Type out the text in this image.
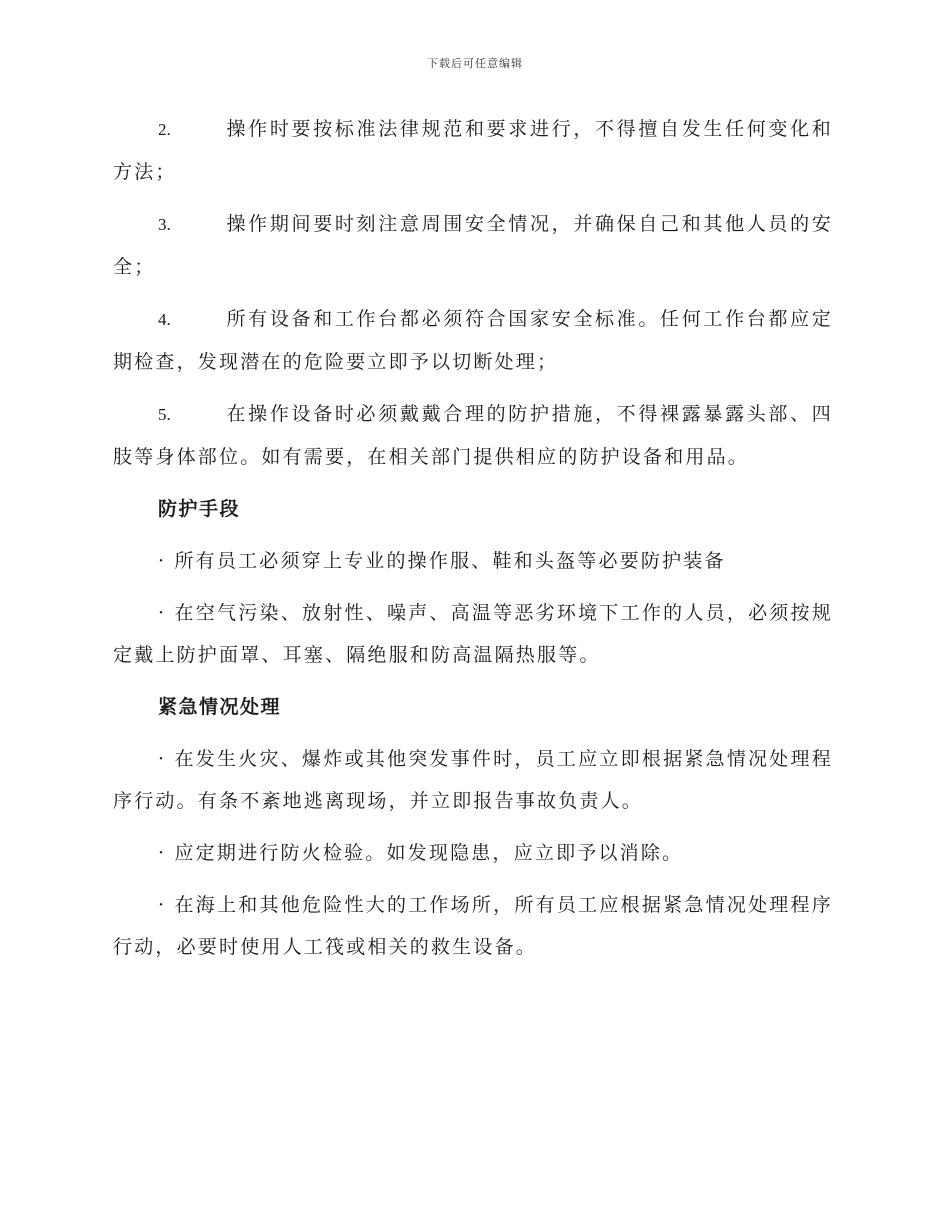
下载后可任意编辑

2.	操作时要按标准法律规范和要求进行，不得擅自发生任何变化和方法；

3.	操作期间要时刻注意周围安全情况，并确保自己和其他人员的安全；

4.	所有设备和工作台都必须符合国家安全标准。任何工作台都应定期检查，发现潜在的危险要立即予以切断处理；

5.	在操作设备时必须戴戴合理的防护措施，不得裸露暴露头部、四肢等身体部位。如有需要，在相关部门提供相应的防护设备和用品。

防护手段

· 所有员工必须穿上专业的操作服、鞋和头盔等必要防护装备

· 在空气污染、放射性、噪声、高温等恶劣环境下工作的人员，必须按规定戴上防护面罩、耳塞、隔绝服和防高温隔热服等。

紧急情况处理

· 在发生火灾、爆炸或其他突发事件时，员工应立即根据紧急情况处理程序行动。有条不紊地逃离现场，并立即报告事故负责人。

· 应定期进行防火检验。如发现隐患，应立即予以消除。

· 在海上和其他危险性大的工作场所，所有员工应根据紧急情况处理程序行动，必要时使用人工筏或相关的救生设备。
